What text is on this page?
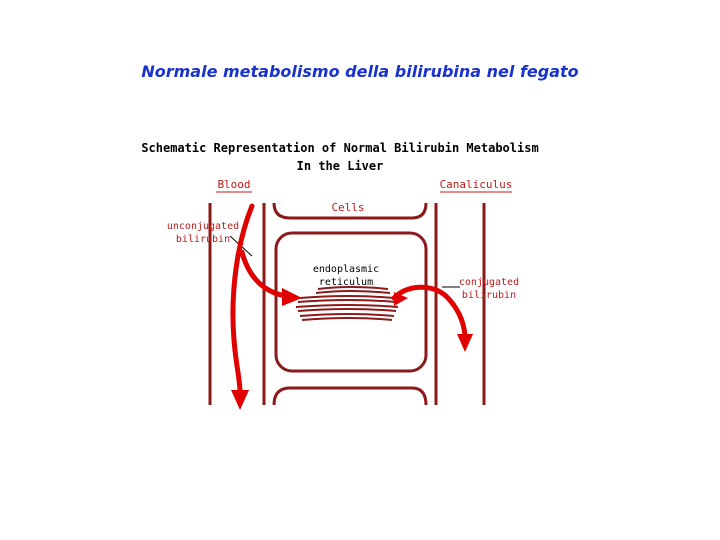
Normale metabolismo della bilirubina nel fegato
Schematic Representation of Normal Bilirubin Metabolism
In the Liver
Blood	Canaliculus
Cells
endoplasmic
reticulum
unconjugated
bilirubin
conjugated
bilirubin
